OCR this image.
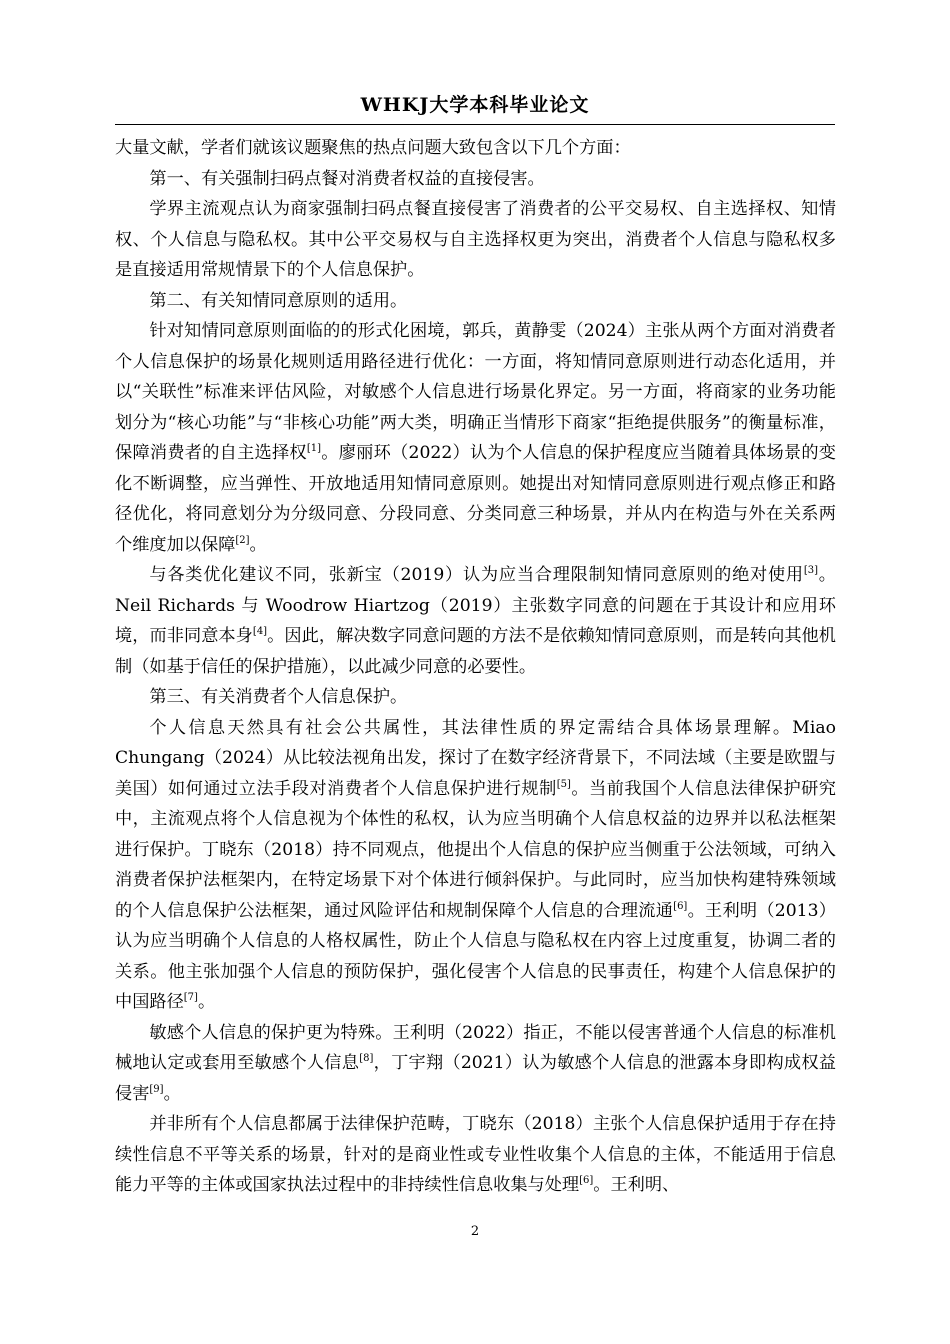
WHKJ大学本科毕业论文

大量文献，学者们就该议题聚焦的热点问题大致包含以下几个方面：

第一、有关强制扫码点餐对消费者权益的直接侵害。

学界主流观点认为商家强制扫码点餐直接侵害了消费者的公平交易权、自主选择权、知情权、个人信息与隐私权。其中公平交易权与自主选择权更为突出，消费者个人信息与隐私权多是直接适用常规情景下的个人信息保护。

第二、有关知情同意原则的适用。

针对知情同意原则面临的的形式化困境，郭兵，黄静雯（2024）主张从两个方面对消费者个人信息保护的场景化规则适用路径进行优化：一方面，将知情同意原则进行动态化适用，并以“关联性”标准来评估风险，对敏感个人信息进行场景化界定。另一方面，将商家的业务功能划分为“核心功能”与“非核心功能”两大类，明确正当情形下商家“拒绝提供服务”的衡量标准，保障消费者的自主选择权[1]。廖丽环（2022）认为个人信息的保护程度应当随着具体场景的变化不断调整，应当弹性、开放地适用知情同意原则。她提出对知情同意原则进行观点修正和路径优化，将同意划分为分级同意、分段同意、分类同意三种场景，并从内在构造与外在关系两个维度加以保障[2]。

与各类优化建议不同，张新宝（2019）认为应当合理限制知情同意原则的绝对使用[3]。Neil Richards 与 Woodrow Hiartzog（2019）主张数字同意的问题在于其设计和应用环境，而非同意本身[4]。因此，解决数字同意问题的方法不是依赖知情同意原则，而是转向其他机制（如基于信任的保护措施），以此减少同意的必要性。

第三、有关消费者个人信息保护。

个人信息天然具有社会公共属性，其法律性质的界定需结合具体场景理解。Miao Chungang（2024）从比较法视角出发，探讨了在数字经济背景下，不同法域（主要是欧盟与美国）如何通过立法手段对消费者个人信息保护进行规制[5]。当前我国个人信息法律保护研究中，主流观点将个人信息视为个体性的私权，认为应当明确个人信息权益的边界并以私法框架进行保护。丁晓东（2018）持不同观点，他提出个人信息的保护应当侧重于公法领域，可纳入消费者保护法框架内，在特定场景下对个体进行倾斜保护。与此同时，应当加快构建特殊领域的个人信息保护公法框架，通过风险评估和规制保障个人信息的合理流通[6]。王利明（2013）认为应当明确个人信息的人格权属性，防止个人信息与隐私权在内容上过度重复，协调二者的关系。他主张加强个人信息的预防保护，强化侵害个人信息的民事责任，构建个人信息保护的中国路径[7]。

敏感个人信息的保护更为特殊。王利明（2022）指正，不能以侵害普通个人信息的标准机械地认定或套用至敏感个人信息[8]，丁宇翔（2021）认为敏感个人信息的泄露本身即构成权益侵害[9]。

并非所有个人信息都属于法律保护范畴，丁晓东（2018）主张个人信息保护适用于存在持续性信息不平等关系的场景，针对的是商业性或专业性收集个人信息的主体，不能适用于信息能力平等的主体或国家执法过程中的非持续性信息收集与处理[6]。王利明、

2
